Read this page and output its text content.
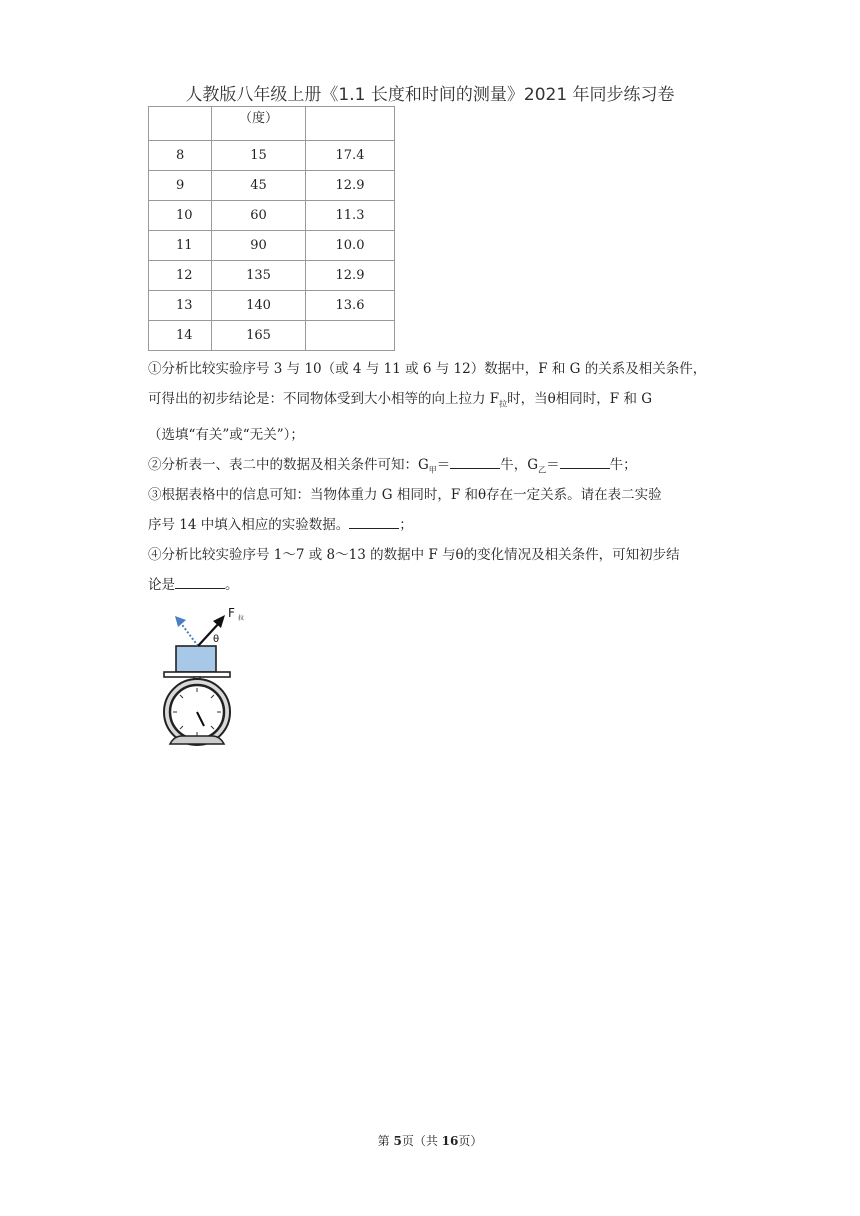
人教版八年级上册《1.1 长度和时间的测量》2021 年同步练习卷
	（度）	
8	15	17.4
9	45	12.9
10	60	11.3
11	90	10.0
12	135	12.9
13	140	13.6
14	165	
①分析比较实验序号 3 与 10（或 4 与 11 或 6 与 12）数据中，F 和 G 的关系及相关条件，
可得出的初步结论是：不同物体受到大小相等的向上拉力 $F_拉$时，当θ相同时，F 和 G
（选填“有关”或“无关”）；
②分析表一、表二中的数据及相关条件可知：$G_甲=$	牛，$G_乙=$	牛；
③根据表格中的信息可知：当物体重力 G 相同时，F 和θ存在一定关系。请在表二实验
序号 14 中填入相应的实验数据。	；
④分析比较实验序号 1～7 或 8～13 的数据中 F 与θ的变化情况及相关条件，可知初步结
论是	。
F 拉
θ
第 5页（共 16页）
